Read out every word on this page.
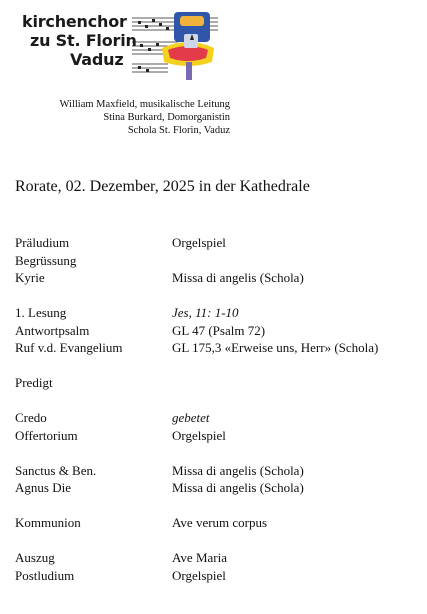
kirchenchor
zu St. Florin
Vaduz
William Maxfield, musikalische Leitung
Stina Burkard, Domorganistin
Schola St. Florin, Vaduz
Rorate, 02. Dezember, 2025 in der Kathedrale
Präludium	Orgelspiel
Begrüssung
Kyrie	Missa di angelis (Schola)
1. Lesung	Jes, 11: 1-10
Antwortpsalm	GL 47 (Psalm 72)
Ruf v.d. Evangelium	GL 175,3 «Erweise uns, Herr» (Schola)
Predigt
Credo	gebetet
Offertorium	Orgelspiel
Sanctus & Ben.	Missa di angelis (Schola)
Agnus Die	Missa di angelis (Schola)
Kommunion	Ave verum corpus
Auszug	Ave Maria
Postludium	Orgelspiel
